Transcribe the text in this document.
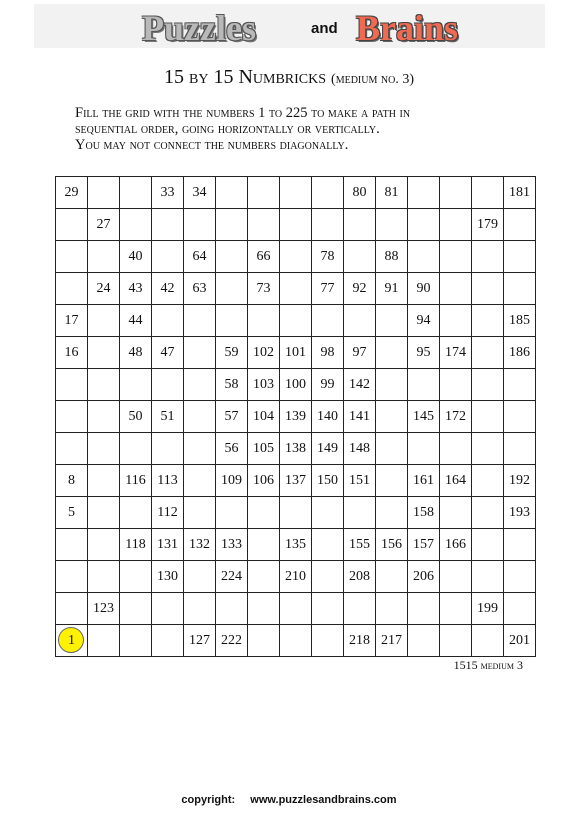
Puzzles	and Brains
15 by 15 Numbricks (medium no. 3)
Fill the grid with the numbers 1 to 225 to make a path in
sequential order, going horizontally or vertically.
You may not connect the numbers diagonally.
29			33	34					80	81				181
	27												179	
		40		64		66		78		88				
	24	43	42	63		73		77	92	91	90			
17		44									94			185
16		48	47		59	102	101	98	97		95	174		186
					58	103	100	99	142					
		50	51		57	104	139	140	141		145	172		
					56	105	138	149	148					
8		116	113		109	106	137	150	151		161	164		192
5			112								158			193
		118	131	132	133		135		155	156	157	166		
			130		224		210		208		206			
	123												199	

1				127	222				218	217				201
1515 medium 3
copyright: www.puzzlesandbrains.com
